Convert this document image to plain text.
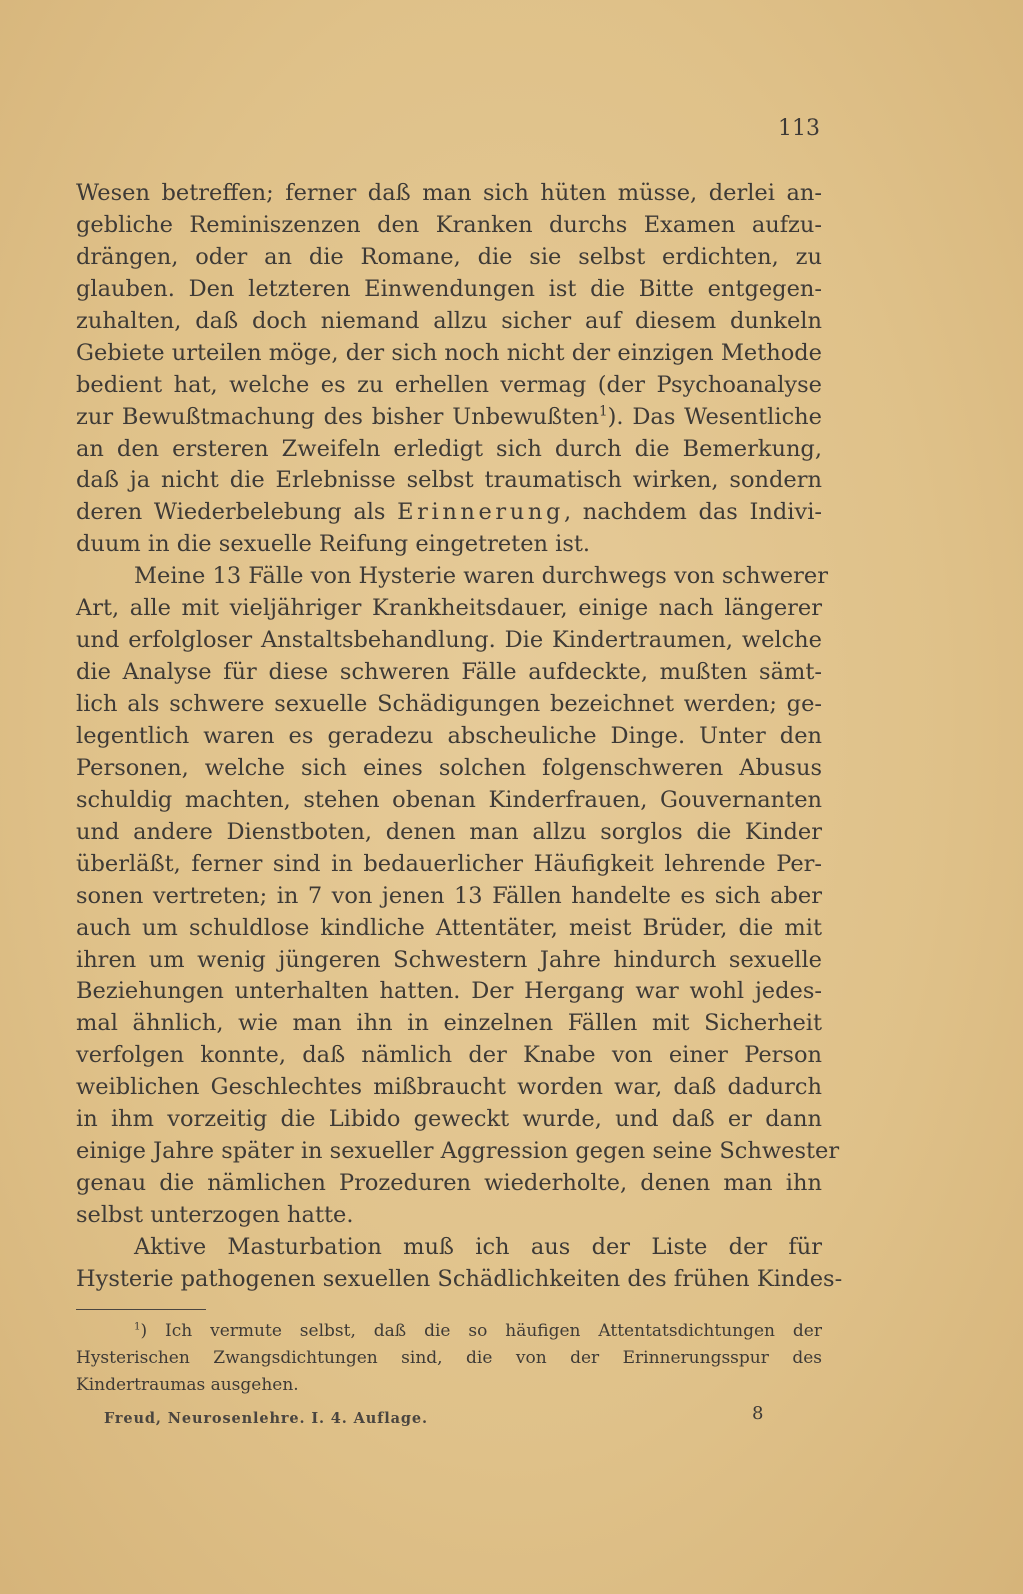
113
Wesen betreffen; ferner daß man sich hüten müsse, derlei an-
gebliche Reminiszenzen den Kranken durchs Examen aufzu-
drängen, oder an die Romane, die sie selbst erdichten, zu
glauben. Den letzteren Einwendungen ist die Bitte entgegen-
zuhalten, daß doch niemand allzu sicher auf diesem dunkeln
Gebiete urteilen möge, der sich noch nicht der einzigen Methode
bedient hat, welche es zu erhellen vermag (der Psychoanalyse
zur Bewußtmachung des bisher Unbewußten$^1$). Das Wesentliche
an den ersteren Zweifeln erledigt sich durch die Bemerkung,
daß ja nicht die Erlebnisse selbst traumatisch wirken, sondern
deren Wiederbelebung als Erinnerung, nachdem das Indivi-
duum in die sexuelle Reifung eingetreten ist.
Meine 13 Fälle von Hysterie waren durchwegs von schwerer
Art, alle mit vieljähriger Krankheitsdauer, einige nach längerer
und erfolgloser Anstaltsbehandlung. Die Kindertraumen, welche
die Analyse für diese schweren Fälle aufdeckte, mußten sämt-
lich als schwere sexuelle Schädigungen bezeichnet werden; ge-
legentlich waren es geradezu abscheuliche Dinge. Unter den
Personen, welche sich eines solchen folgenschweren Abusus
schuldig machten, stehen obenan Kinderfrauen, Gouvernanten
und andere Dienstboten, denen man allzu sorglos die Kinder
überläßt, ferner sind in bedauerlicher Häufigkeit lehrende Per-
sonen vertreten; in 7 von jenen 13 Fällen handelte es sich aber
auch um schuldlose kindliche Attentäter, meist Brüder, die mit
ihren um wenig jüngeren Schwestern Jahre hindurch sexuelle
Beziehungen unterhalten hatten. Der Hergang war wohl jedes-
mal ähnlich, wie man ihn in einzelnen Fällen mit Sicherheit
verfolgen konnte, daß nämlich der Knabe von einer Person
weiblichen Geschlechtes mißbraucht worden war, daß dadurch
in ihm vorzeitig die Libido geweckt wurde, und daß er dann
einige Jahre später in sexueller Aggression gegen seine Schwester
genau die nämlichen Prozeduren wiederholte, denen man ihn
selbst unterzogen hatte.
Aktive Masturbation muß ich aus der Liste der für
Hysterie pathogenen sexuellen Schädlichkeiten des frühen Kindes-
$^1$) Ich vermute selbst, daß die so häufigen Attentatsdichtungen der
Hysterischen Zwangsdichtungen sind, die von der Erinnerungsspur des
Kindertraumas ausgehen.
Freud, Neurosenlehre. I. 4. Auflage.	8
